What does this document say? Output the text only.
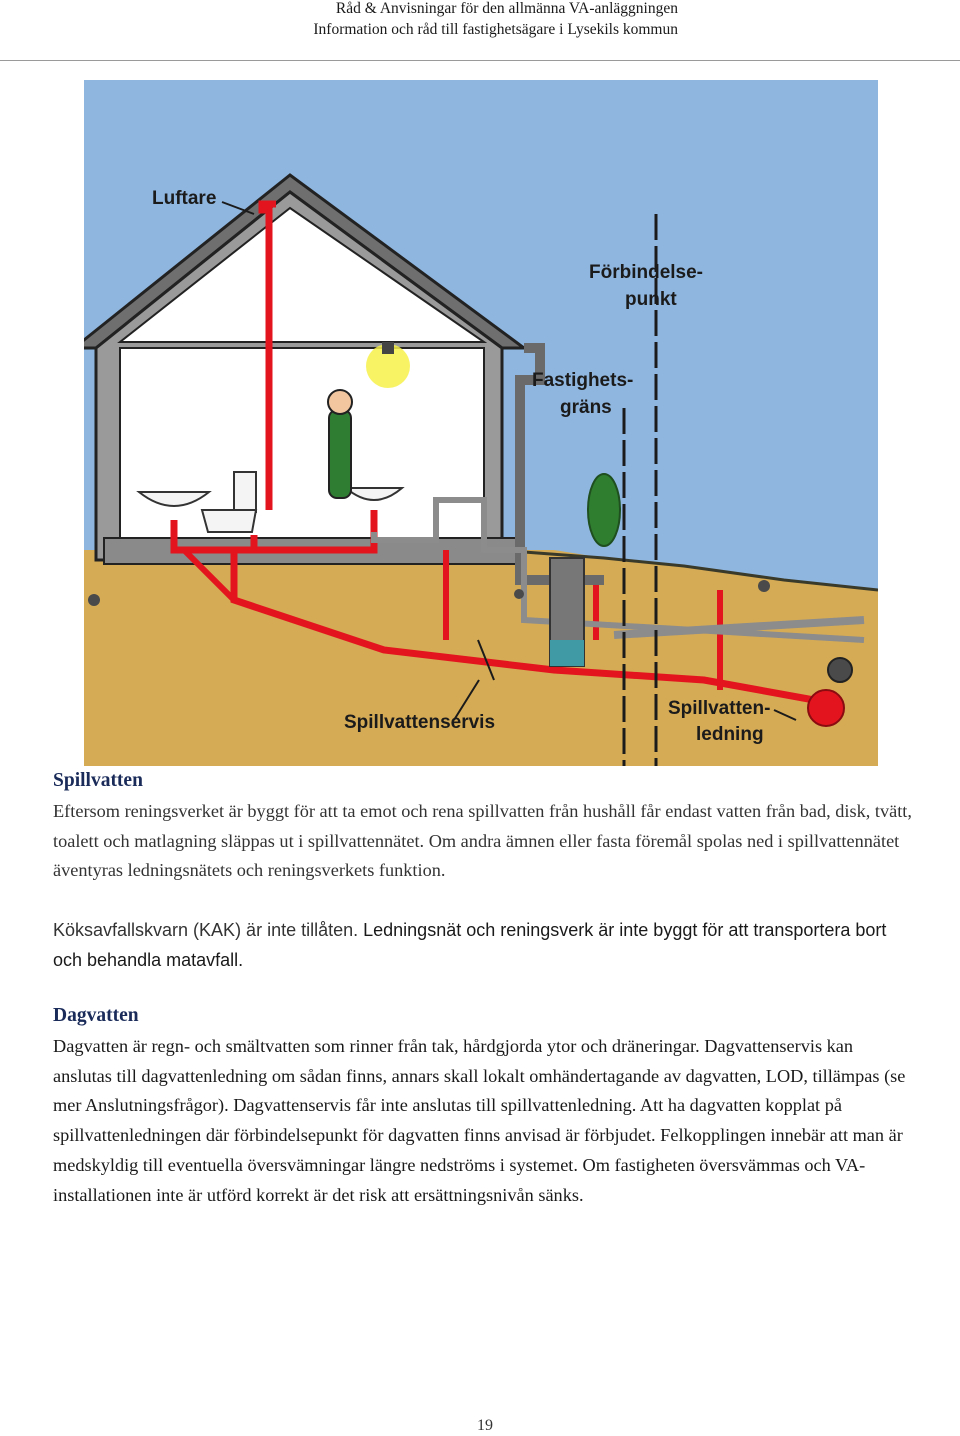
Råd & Anvisningar för den allmänna VA-anläggningen
Information och råd till fastighetsägare i Lysekils kommun
Luftare
Förbindelse-
punkt
Fastighets-
gräns
Spillvattenservis
Spillvatten-
ledning
Spillvatten
Eftersom reningsverket är byggt för att ta emot och rena spillvatten från hushåll får endast vatten från bad, disk, tvätt, toalett och matlagning släppas ut i spillvattennätet. Om andra ämnen eller fasta föremål spolas ned i spillvattennätet äventyras ledningsnätets och reningsverkets funktion.
Köksavfallskvarn (KAK) är inte tillåten. Ledningsnät och reningsverk är inte byggt för att transportera bort och behandla matavfall.
Dagvatten
Dagvatten är regn- och smältvatten som rinner från tak, hårdgjorda ytor och dräneringar. Dagvattenservis kan anslutas till dagvattenledning om sådan finns, annars skall lokalt omhändertagande av dagvatten, LOD, tillämpas (se mer Anslutningsfrågor). Dagvattenservis får inte anslutas till spillvattenledning. Att ha dagvatten kopplat på spillvattenledningen där förbindelsepunkt för dagvatten finns anvisad är förbjudet. Felkopplingen innebär att man är medskyldig till eventuella översvämningar längre nedströms i systemet. Om fastigheten översvämmas och VA-installationen inte är utförd korrekt är det risk att ersättningsnivån sänks.
19
